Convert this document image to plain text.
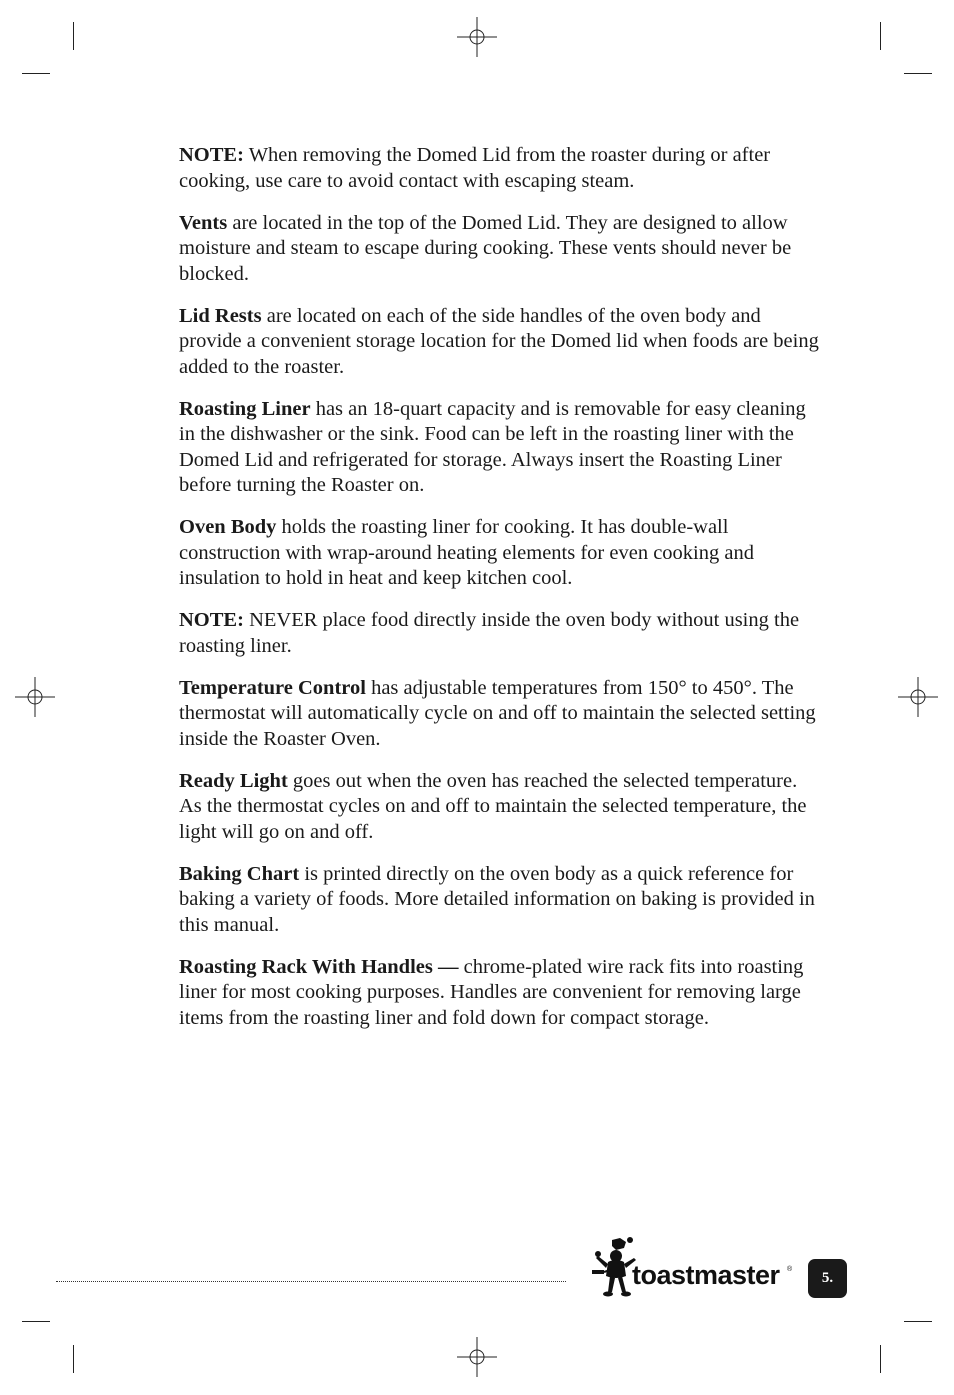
NOTE: When removing the Domed Lid from the roaster during or after cooking, use care to avoid contact with escaping steam.

Vents are located in the top of the Domed Lid. They are designed to allow moisture and steam to escape during cooking. These vents should never be blocked.

Lid Rests are located on each of the side handles of the oven body and provide a convenient storage location for the Domed lid when foods are being added to the roaster.

Roasting Liner has an 18-quart capacity and is removable for easy cleaning in the dishwasher or the sink. Food can be left in the roasting liner with the Domed Lid and refrigerated for storage. Always insert the Roasting Liner before turning the Roaster on.

Oven Body holds the roasting liner for cooking. It has double-wall construction with wrap-around heating elements for even cooking and insulation to hold in heat and keep kitchen cool.

NOTE: NEVER place food directly inside the oven body without using the roasting liner.

Temperature Control has adjustable temperatures from 150° to 450°. The thermostat will automatically cycle on and off to maintain the selected setting inside the Roaster Oven.

Ready Light goes out when the oven has reached the selected temperature. As the thermostat cycles on and off to maintain the selected temperature, the light will go on and off.

Baking Chart is printed directly on the oven body as a quick reference for baking a variety of foods. More detailed information on baking is provided in this manual.

Roasting Rack With Handles — chrome-plated wire rack fits into roasting liner for most cooking purposes. Handles are convenient for removing large items from the roasting liner and fold down for compact storage.

toastmaster ®
5.
